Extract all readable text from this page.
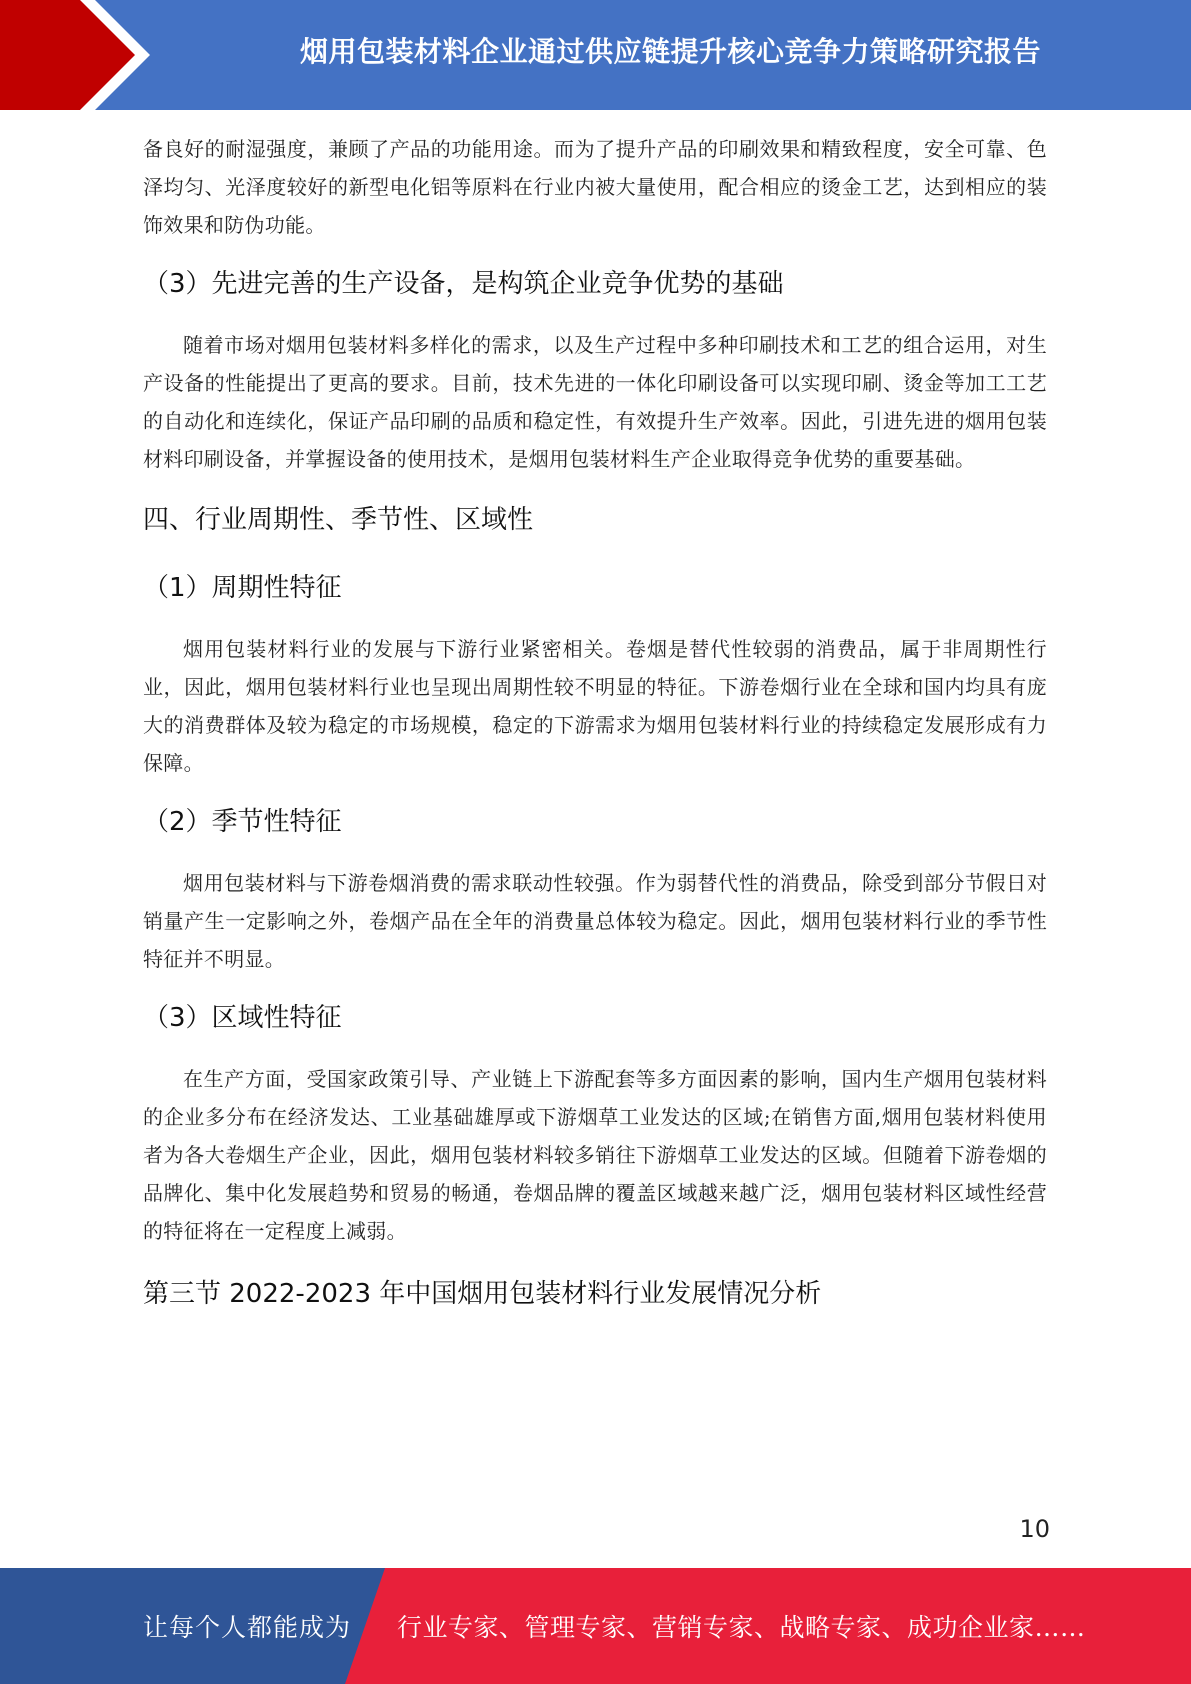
烟用包装材料企业通过供应链提升核心竞争力策略研究报告

备良好的耐湿强度，兼顾了产品的功能用途。而为了提升产品的印刷效果和精致程度，安全可靠、色泽均匀、光泽度较好的新型电化铝等原料在行业内被大量使用，配合相应的烫金工艺，达到相应的装饰效果和防伪功能。

（3）先进完善的生产设备，是构筑企业竞争优势的基础

随着市场对烟用包装材料多样化的需求，以及生产过程中多种印刷技术和工艺的组合运用，对生产设备的性能提出了更高的要求。目前，技术先进的一体化印刷设备可以实现印刷、烫金等加工工艺的自动化和连续化，保证产品印刷的品质和稳定性，有效提升生产效率。因此，引进先进的烟用包装材料印刷设备，并掌握设备的使用技术，是烟用包装材料生产企业取得竞争优势的重要基础。

四、行业周期性、季节性、区域性
（1）周期性特征

烟用包装材料行业的发展与下游行业紧密相关。卷烟是替代性较弱的消费品，属于非周期性行业，因此，烟用包装材料行业也呈现出周期性较不明显的特征。下游卷烟行业在全球和国内均具有庞大的消费群体及较为稳定的市场规模，稳定的下游需求为烟用包装材料行业的持续稳定发展形成有力保障。

（2）季节性特征

烟用包装材料与下游卷烟消费的需求联动性较强。作为弱替代性的消费品，除受到部分节假日对销量产生一定影响之外，卷烟产品在全年的消费量总体较为稳定。因此，烟用包装材料行业的季节性特征并不明显。

（3）区域性特征

在生产方面，受国家政策引导、产业链上下游配套等多方面因素的影响，国内生产烟用包装材料的企业多分布在经济发达、工业基础雄厚或下游烟草工业发达的区域;在销售方面,烟用包装材料使用者为各大卷烟生产企业，因此，烟用包装材料较多销往下游烟草工业发达的区域。但随着下游卷烟的品牌化、集中化发展趋势和贸易的畅通，卷烟品牌的覆盖区域越来越广泛，烟用包装材料区域性经营的特征将在一定程度上减弱。

第三节 2022-2023 年中国烟用包装材料行业发展情况分析
10
让每个人都能成为 行业专家、管理专家、营销专家、战略专家、成功企业家……
